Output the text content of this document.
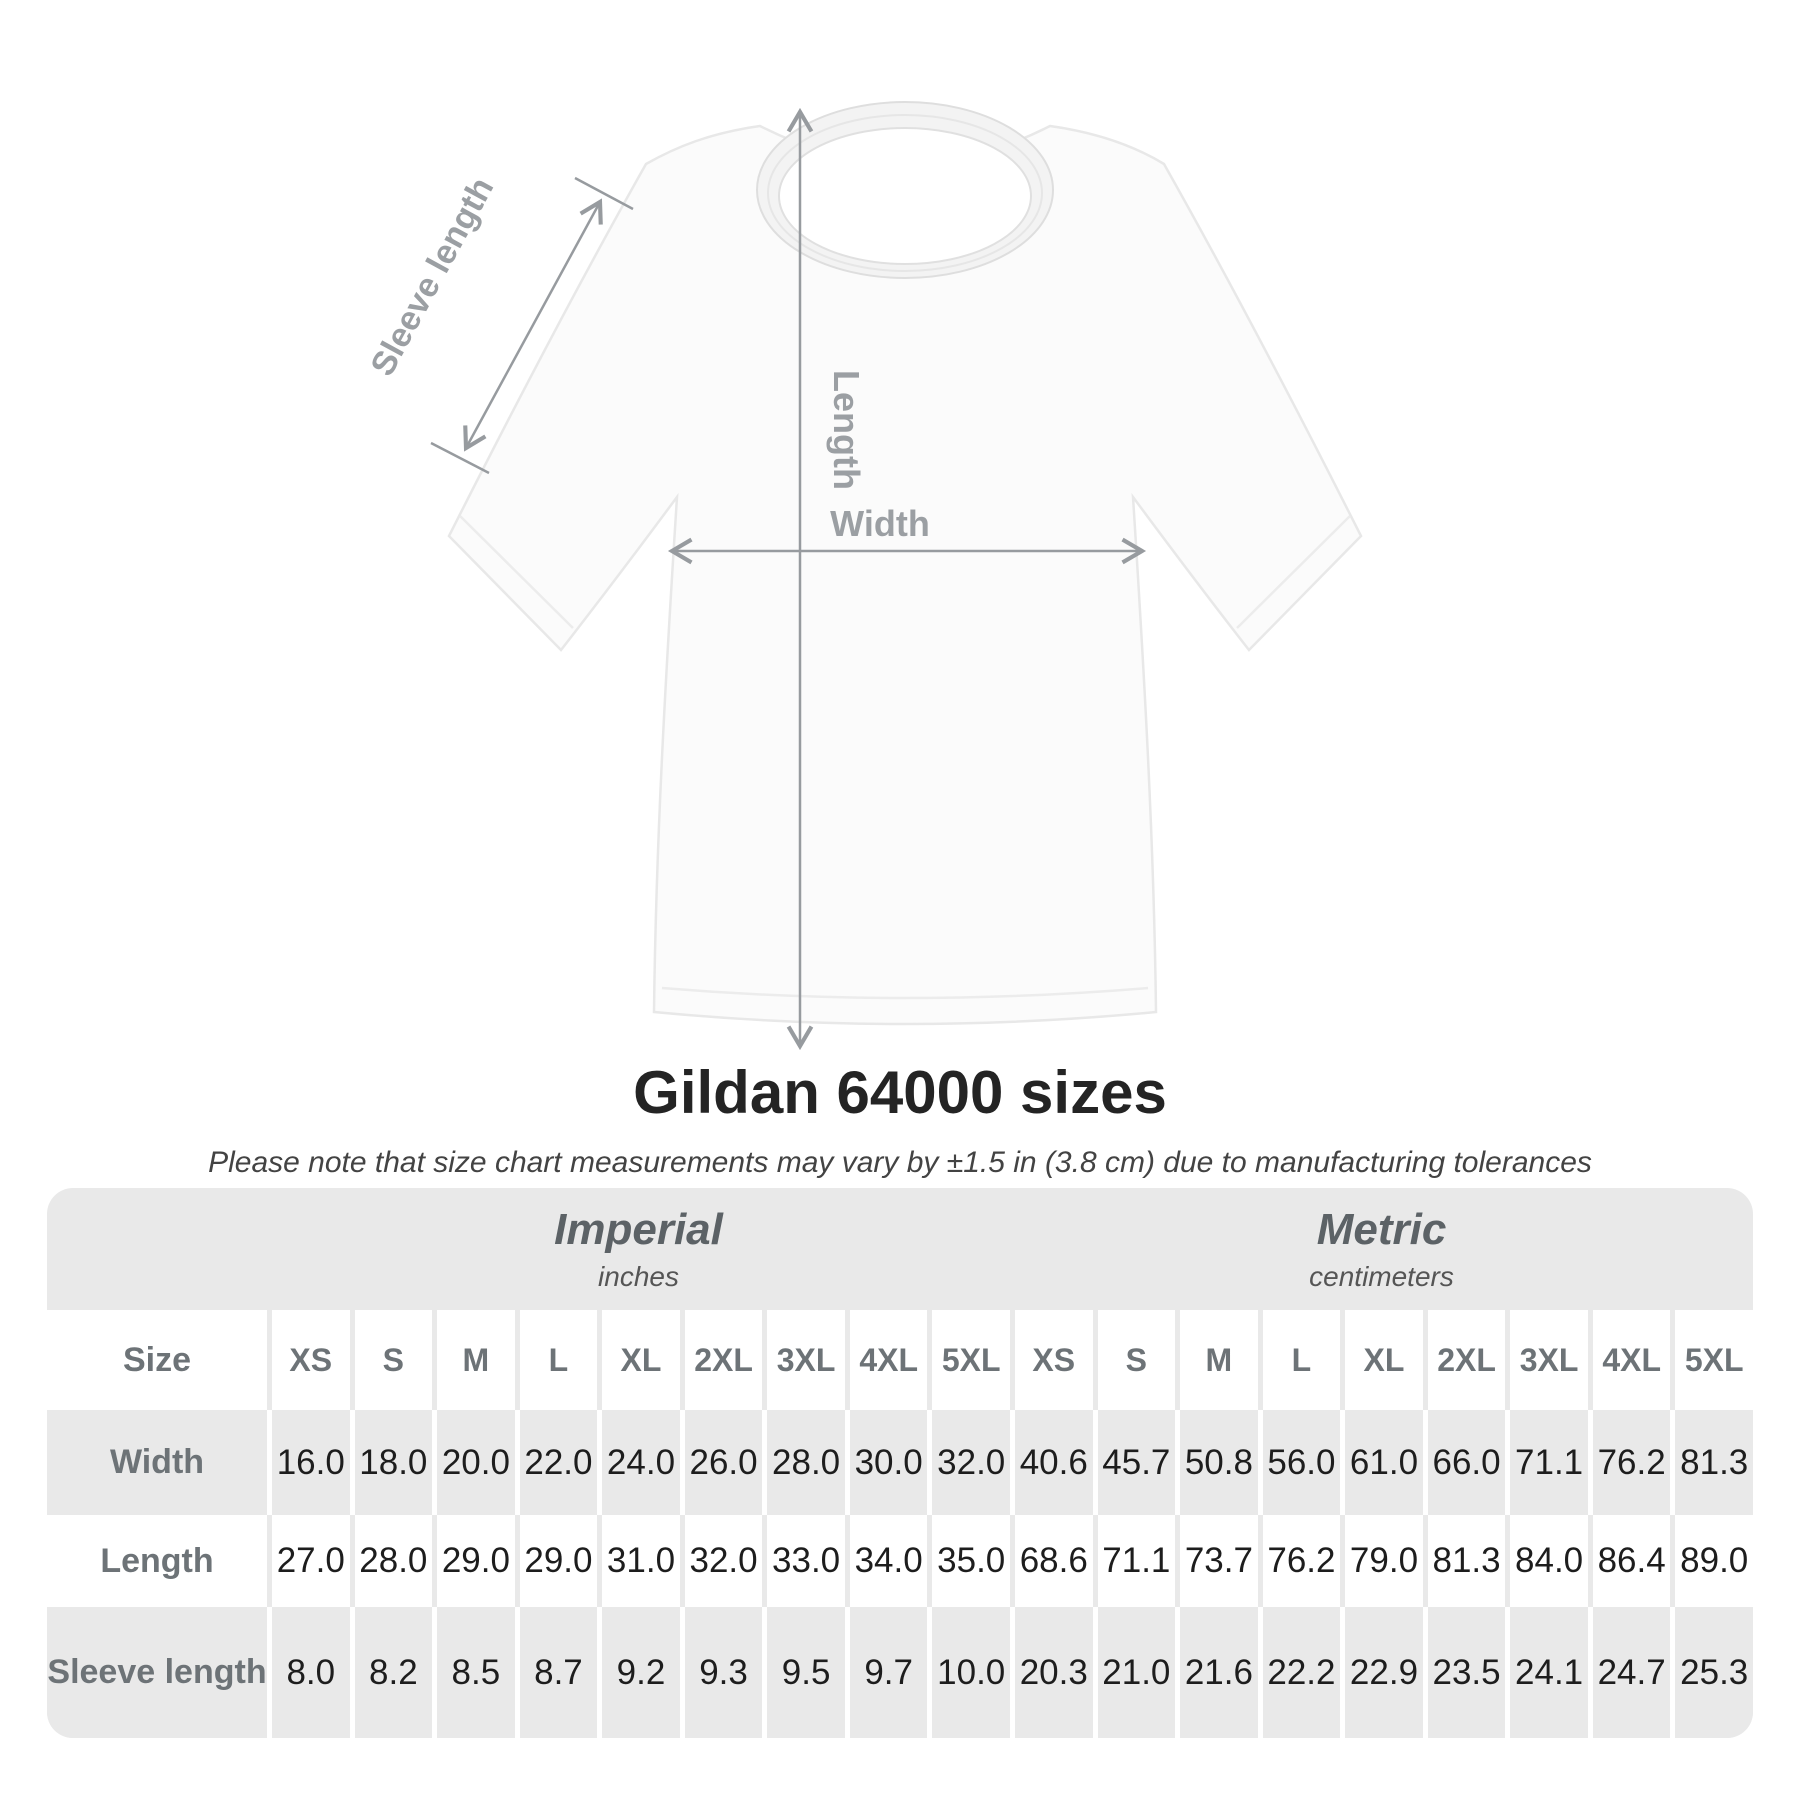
Sleeve length
Length
Width
Gildan 64000 sizes
Please note that size chart measurements may vary by ±1.5 in (3.8 cm) due to manufacturing tolerances
Imperial
inches
Metric
centimeters
Size	XS	S	M	L	XL	2XL 3XL 4XL 5XL XS	S	M	L	XL	2XL 3XL 4XL 5XL
Width	16.0 18.0 20.0 22.0 24.0 26.0 28.0 30.0 32.0 40.6 45.7 50.8 56.0 61.0 66.0 71.1 76.2 81.3
Length	27.0 28.0 29.0 29.0 31.0 32.0 33.0 34.0 35.0 68.6 71.1 73.7 76.2 79.0 81.3 84.0 86.4 89.0
Sleeve length 8.0 8.2 8.5 8.7 9.2 9.3 9.5 9.7 10.0 20.3 21.0 21.6 22.2 22.9 23.5 24.1 24.7 25.3
